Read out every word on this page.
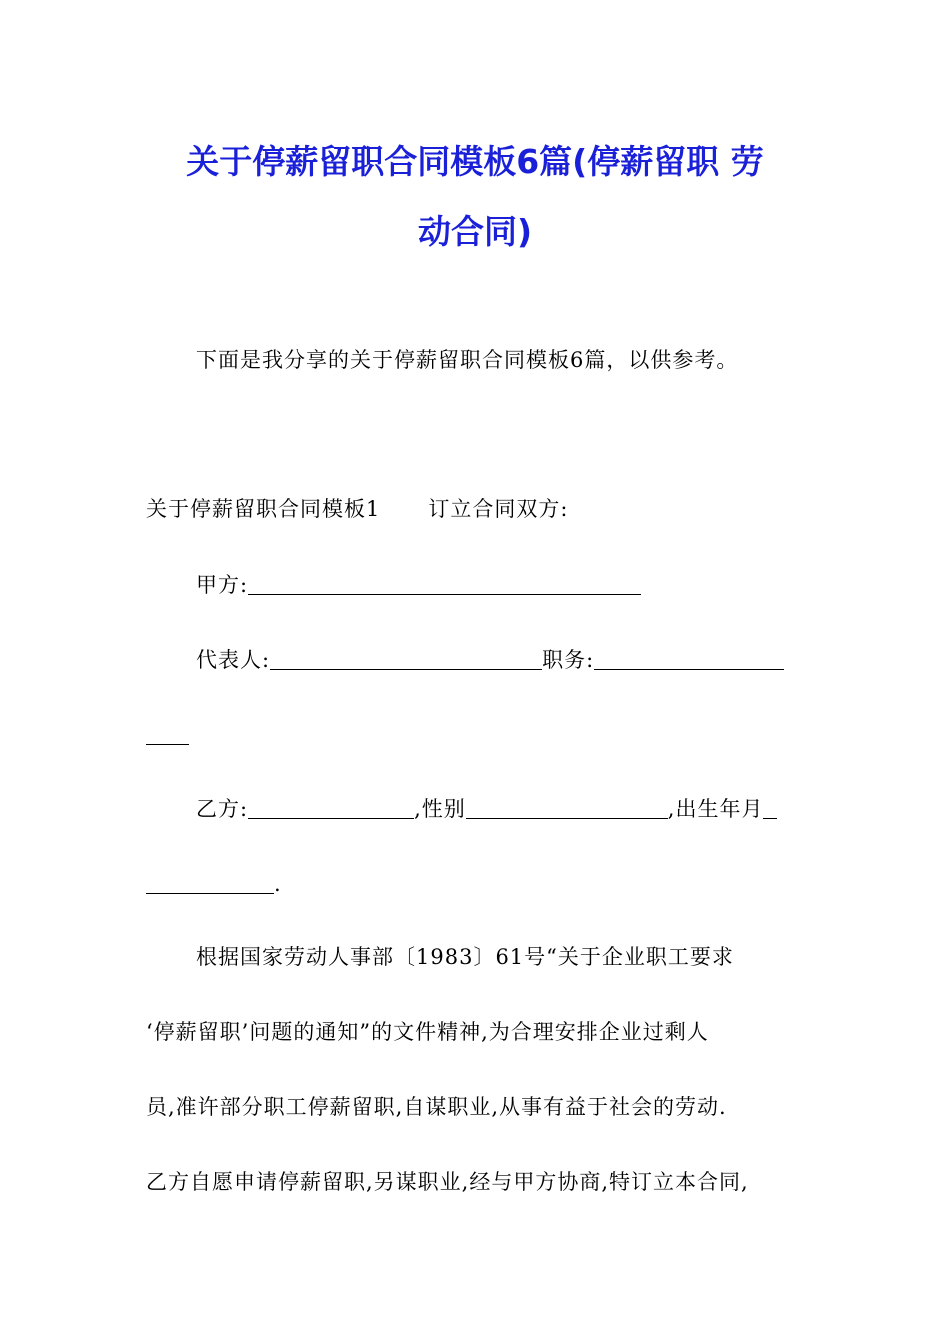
关于停薪留职合同模板6篇(停薪留职 劳
动合同)
下面是我分享的关于停薪留职合同模板6篇，以供参考。
关于停薪留职合同模板1 订立合同双方:
甲方:
代表人:	职务:
乙方:	,性别	,出生年月
.
根据国家劳动人事部〔1983〕61号“关于企业职工要求
‘停薪留职’问题的通知”的文件精神,为合理安排企业过剩人
员,准许部分职工停薪留职,自谋职业,从事有益于社会的劳动.
乙方自愿申请停薪留职,另谋职业,经与甲方协商,特订立本合同,
